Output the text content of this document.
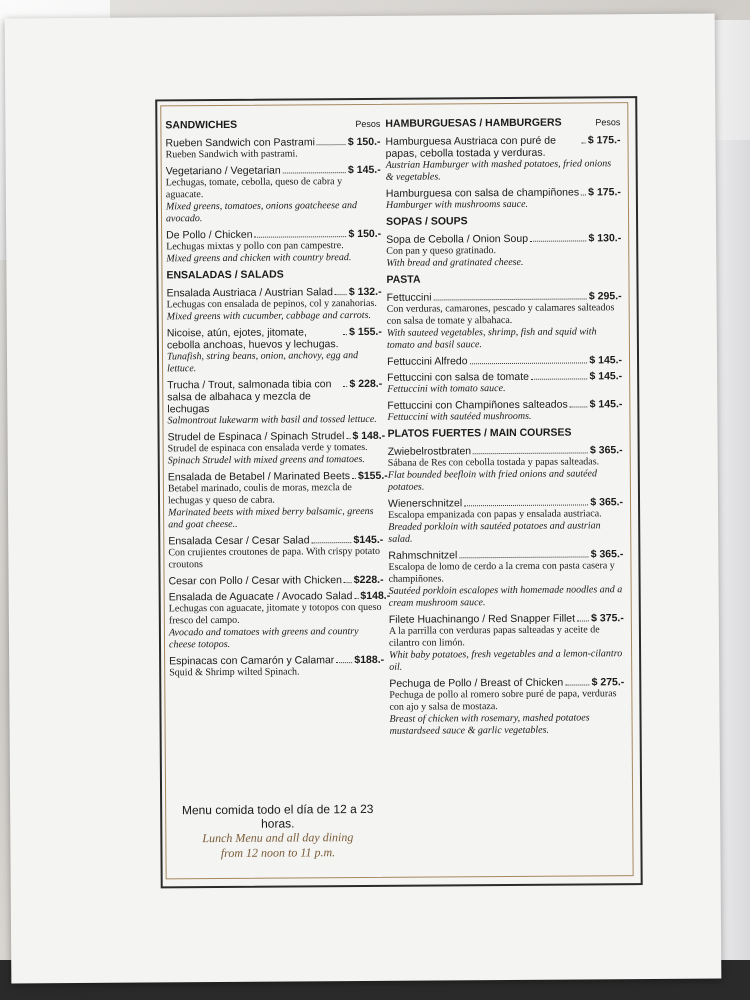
SANDWICHES	Pesos
Rueben Sandwich con Pastrami	$ 150.-
Rueben Sandwich with pastrami.
Vegetariano / Vegetarian	$ 145.-
Lechugas, tomate, cebolla, queso de cabra y aguacate.
Mixed greens, tomatoes, onions goatcheese and avocado.
De Pollo / Chicken	$ 150.-
Lechugas mixtas y pollo con pan campestre.
Mixed greens and chicken with country bread.
ENSALADAS / SALADS
Ensalada Austriaca / Austrian Salad $ 132.-
Lechugas con ensalada de pepinos, col y zanahorias.
Mixed greens with cucumber, cabbage and carrots.
Nicoise, atún, ejotes, jitomate, cebolla anchoas, huevos y lechugas.
$ 155.-
Tunafish, string beans, onion, anchovy, egg and lettuce.
Trucha / Trout, salmonada tibia con salsa de albahaca y mezcla de lechugas
$ 228.-
Salmontrout lukewarm with basil and tossed lettuce.
Strudel de Espinaca / Spinach Strudel $ 148.-
Strudel de espinaca con ensalada verde y tomates.
Spinach Strudel with mixed greens and tomatoes.
Ensalada de Betabel / Marinated Beets $155.-
Betabel marinado, coulis de moras, mezcla de lechugas y queso de cabra.
Marinated beets with mixed berry balsamic, greens and goat cheese..
Ensalada Cesar / Cesar Salad	$145.-
Con crujientes croutones de papa. With crispy potato croutons
Cesar con Pollo / Cesar with Chicken $228.-
Ensalada de Aguacate / Avocado Salad $148.-
Lechugas con aguacate, jitomate y totopos con queso fresco del campo.
Avocado and tomatoes with greens and country cheese totopos.
Espinacas con Camarón y Calamar $188.-
Squid & Shrimp wilted Spinach.
HAMBURGUESAS / HAMBURGERS	Pesos
Hamburguesa Austriaca con puré de papas, cebolla tostada y verduras.
$ 175.-
Austrian Hamburger with mashed potatoes, fried onions & vegetables.
Hamburguesa con salsa de champiñones $ 175.-
Hamburger with mushrooms sauce.
SOPAS / SOUPS
Sopa de Cebolla / Onion Soup	$ 130.-
Con pan y queso gratinado.
With bread and gratinated cheese.
PASTA
Fettuccini	$ 295.-
Con verduras, camarones, pescado y calamares salteados con salsa de tomate y albahaca.
With sauteed vegetables, shrimp, fish and squid with tomato and basil sauce.
Fettuccini Alfredo	$ 145.-
Fettuccini con salsa de tomate	$ 145.-
Fettuccini with tomato sauce.
Fettuccini con Champiñones salteados $ 145.-
Fettuccini with sautéed mushrooms.
PLATOS FUERTES / MAIN COURSES
Zwiebelrostbraten	$ 365.-
Sábana de Res con cebolla tostada y papas salteadas.
Flat bounded beefloin with fried onions and sautéed potatoes.
Wienerschnitzel	$ 365.-
Escalopa empanizada con papas y ensalada austriaca.
Breaded porkloin with sautéed potatoes and austrian salad.
Rahmschnitzel	$ 365.-
Escalopa de lomo de cerdo a la crema con pasta casera y champiñones.
Sautéed porkloin escalopes with homemade noodles and a cream mushroom sauce.
Filete Huachinango / Red Snapper Fillet $ 375.-
A la parrilla con verduras papas salteadas y aceite de cilantro con limón.
Whit baby potatoes, fresh vegetables and a lemon-cilantro oil.
Pechuga de Pollo / Breast of Chicken	$ 275.-
Pechuga de pollo al romero sobre puré de papa, verduras con ajo y salsa de mostaza.
Breast of chicken with rosemary, mashed potatoes mustardseed sauce & garlic vegetables.
Menu comida todo el día de 12 a 23 horas.
Lunch Menu and all day dining
from 12 noon to 11 p.m.
